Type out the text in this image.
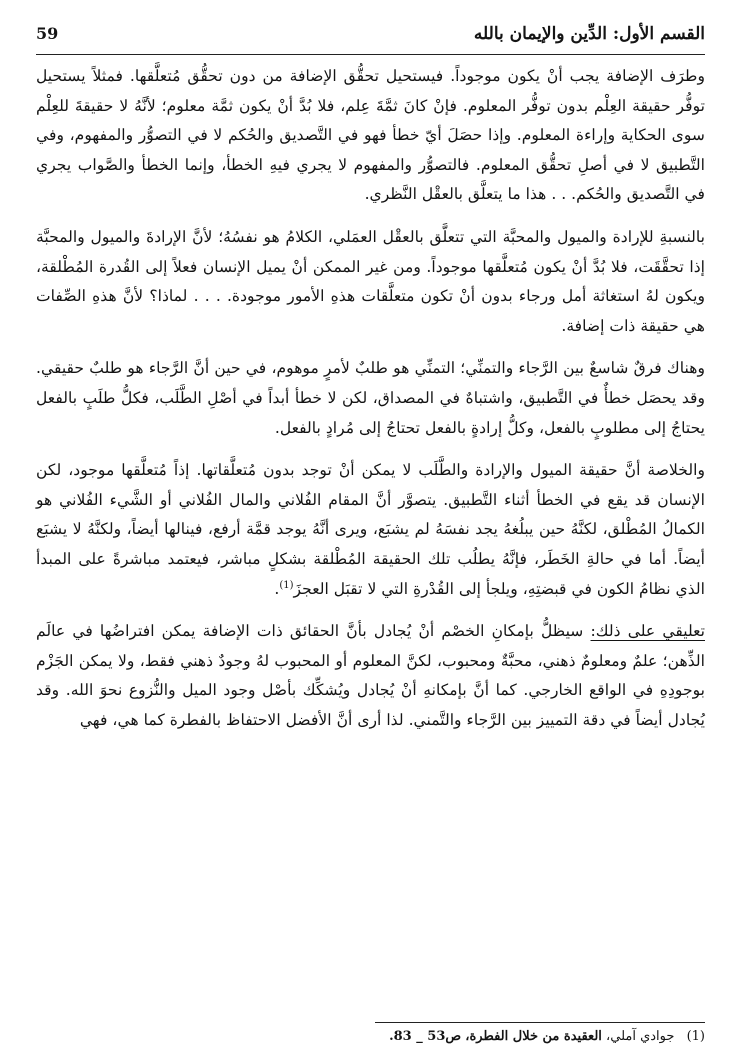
القسم الأول: الدِّين والإيمان بالله
59

وطرَف الإضافة يجب أنْ يكون موجوداً. فيستحيل تحقُّق الإضافة من دون تحقُّق مُتعلَّقها. فمثلاً يستحيل توفُّر حقيقة العِلْم بدون توفُّر المعلوم. فإنْ كانَ ثمَّةَ عِلم، فلا بُدَّ أنْ يكون ثمَّة معلوم؛ لأنَّهُ لا حقيقةَ للعِلْم سوى الحكاية وإراءة المعلوم. وإذا حصَلَ أيّ خطأ فهو في التَّصديق والحُكم لا في التصوُّر والمفهوم، وفي التَّطبيق لا في أصلِ تحقُّق المعلوم. فالتصوُّر والمفهوم لا يجري فيهِ الخطأ، وإنما الخطأ والصَّواب يجري في التَّصديق والحُكم. . . هذا ما يتعلَّق بالعقْل النَّظري.

بالنسبةِ للإرادة والميول والمحبَّة التي تتعلَّق بالعقْل العمَلي، الكلامُ هو نفسُهُ؛ لأنَّ الإرادةَ والميول والمحبَّة إذا تحقَّقَت، فلا بُدَّ أنْ يكون مُتعلَّقها موجوداً. ومن غير الممكن أنْ يميل الإنسان فعلاً إلى القُدرة المُطْلقة، ويكون لهُ استغاثة أمل ورجاء بدون أنْ تكون متعلَّقات هذهِ الأمور موجودة. . . . لماذا؟ لأنَّ هذهِ الصِّفات هي حقيقة ذات إضافة.

وهناك فرقٌ شاسعٌ بين الرَّجاء والتمنِّي؛ التمنِّي هو طلبٌ لأمرٍ موهوم، في حين أنَّ الرَّجاء هو طلبٌ حقيقي. وقد يحصَل خطأٌ في التَّطبيق، واشتباهٌ في المصداق، لكن لا خطأ أبداً في أصْلِ الطَّلَب، فكلُّ طلَبٍ بالفعل يحتاجُ إلى مطلوبٍ بالفعل، وكلُّ إرادةٍ بالفعل تحتاجُ إلى مُرادٍ بالفعل.

والخلاصة أنَّ حقيقة الميول والإرادة والطَّلَب لا يمكن أنْ توجد بدون مُتعلَّقاتها. إذاً مُتعلَّقها موجود، لكن الإنسان قد يقع في الخطأ أثناء التَّطبيق. يتصوَّر أنَّ المقام الفُلاني والمال الفُلاني أو الشَّيء الفُلاني هو الكمالُ المُطْلق، لكنَّهُ حين يبلُغهُ يجد نفسَهُ لم يشبَع، ويرى أنَّهُ يوجد قمَّة أرفع، فينالها أيضاً، ولكنَّهُ لا يشبَع أيضاً. أما في حالةِ الخَطَر، فإنَّهُ يطلُب تلك الحقيقة المُطْلقة بشكلٍ مباشر، فيعتمد مباشرةً على المبدأ الذي نظامُ الكون في قبضتِهِ، ويلجأ إلى القُدْرةِ التي لا تقبَل العجزَ$^{(1)}$.

تعليقي على ذلك: سيظلُّ بإمكانِ الخصْم أنْ يُجادل بأنَّ الحقائق ذات الإضافة يمكن افتراضُها في عالَم الذِّهن؛ علمٌ ومعلومٌ ذهني، محبَّةٌ ومحبوب، لكنَّ المعلوم أو المحبوب لهُ وجودٌ ذهني فقط، ولا يمكن الجَزْم بوجودِهِ في الواقع الخارجي. كما أنَّ بإمكانهِ أنْ يُجادل ويُشكِّك بأصْل وجود الميل والنُّزوع نحوَ الله. وقد يُجادل أيضاً في دقة التمييز بين الرَّجاء والتَّمني. لذا أرى أنَّ الأفضل الاحتفاظ بالفطرة كما هي، فهي

(1) جوادي آملي، العقيدة من خلال الفطرة، ص53 _ 83.
